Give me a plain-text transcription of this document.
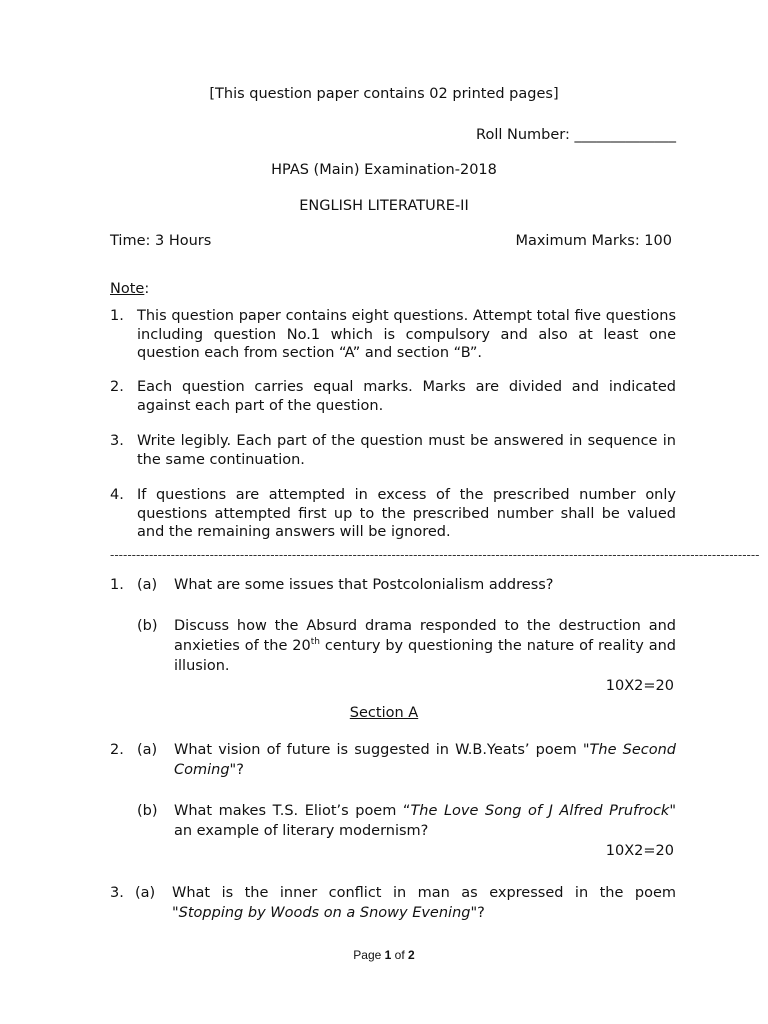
[This question paper contains 02 printed pages]
Roll Number: ______________
HPAS (Main) Examination-2018
ENGLISH LITERATURE-II
Time: 3 Hours	Maximum Marks: 100
Note:
1. This question paper contains eight questions. Attempt total five questions including question No.1 which is compulsory and also at least one question each from section “A” and section “B”.
2. Each question carries equal marks. Marks are divided and indicated against each part of the question.
3. Write legibly. Each part of the question must be answered in sequence in the same continuation.
4. If questions are attempted in excess of the prescribed number only questions attempted first up to the prescribed number shall be valued and the remaining answers will be ignored.
------------------------------------------------------------------------------------------------------------------------------------------------------
1. (a) What are some issues that Postcolonialism address?
(b) Discuss how the Absurd drama responded to the destruction and anxieties of the 20th century by questioning the nature of reality and illusion.
10X2=20
Section A
2. (a) What vision of future is suggested in W.B.Yeats’ poem "The Second Coming"?
(b) What makes T.S. Eliot’s poem “The Love Song of J Alfred Prufrock" an example of literary modernism?
10X2=20
3. (a) What is the inner conflict in man as expressed in the poem "Stopping by Woods on a Snowy Evening"?
Page 1 of 2
